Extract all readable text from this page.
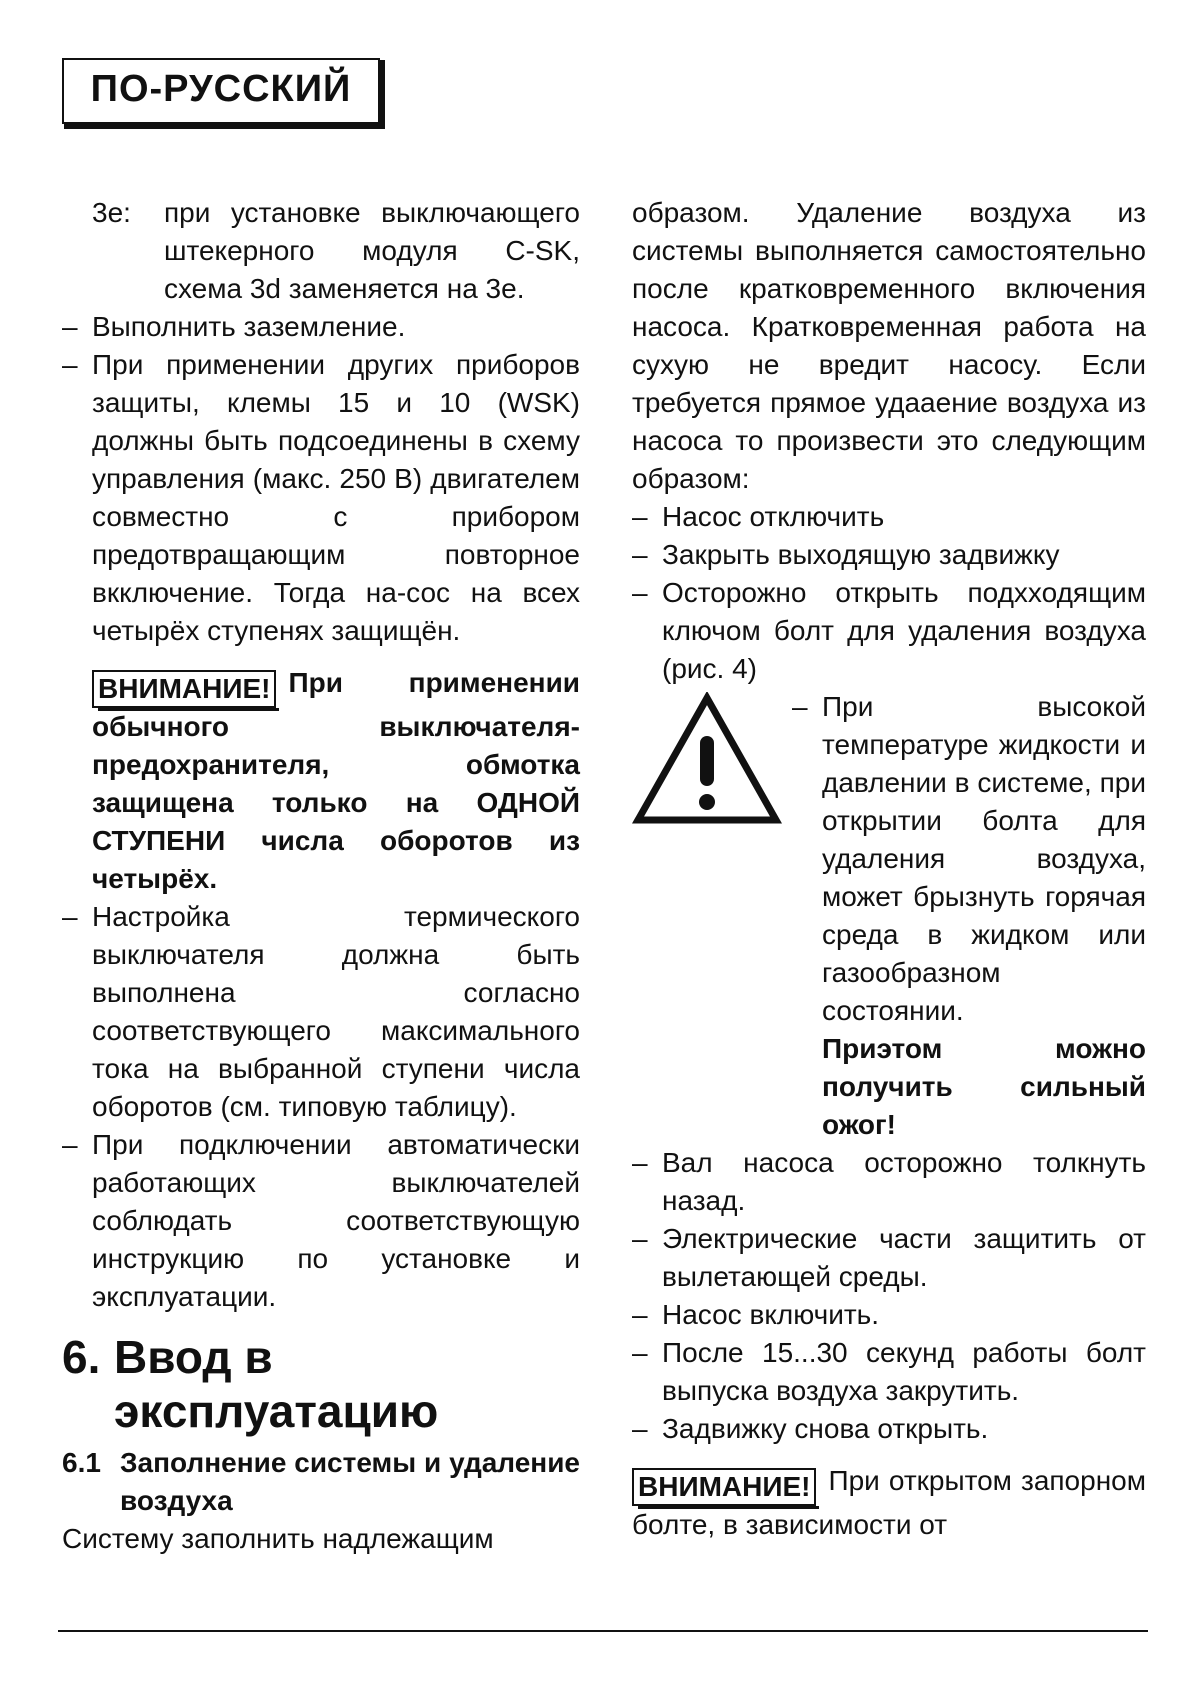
ПО-РУССКИЙ
3e:	при установке выключающего штекерного модуля C-SK, схема 3d заменяется на 3e.
– Выполнить заземление.
– При применении других приборов защиты, клемы 15 и 10 (WSK) должны быть подсоединены в схему управления (макс. 250 В) двигателем совместно с прибором предотвращающим повторное вкключение. Тогда на-сос на всех четырёх ступенях защищён.
ВНИМАНИЕ! При применении обычного выключателя-предохранителя, обмотка защищена только на ОДНОЙ СТУПЕНИ числа оборотов из четырёх.
– Настройка термического выключателя должна быть выполнена согласно соответствующего максимального тока на выбранной ступени числа оборотов (см. типовую таблицу).
– При подключении автоматически работающих выключателей соблюдать соответствующую инструкцию по установке и эксплуатации.
6. Ввод в
эксплуатацию
6.1 Заполнение системы и удаление воздуха

Систему заполнить надлежащим

образом. Удаление воздуха из системы выполняется самостоятельно после кратковременного включения насоса. Кратковременная работа на сухую не вредит насосу. Если требуется прямое удааение воздуха из насоса то произвести это следующим образом:

– Насос отключить
– Закрыть выходящую задвижку
– Осторожно открыть подхходящим ключом болт для удаления воздуха (рис. 4)
– При высокой температуре жидкости и давлении в системе, при открытии болта для удаления воздуха, может брызнуть горячая среда в жидком или газообразном состоянии.
Приэтом можно получить сильный ожог!
– Вал насоса осторожно толкнуть назад.
– Электрические части защитить от вылетающей среды.
– Насос включить.
– После 15...30 секунд работы болт выпуска воздуха закрутить.
– Задвижку снова открыть.
ВНИМАНИЕ! При открытом запорном болте, в зависимости от
